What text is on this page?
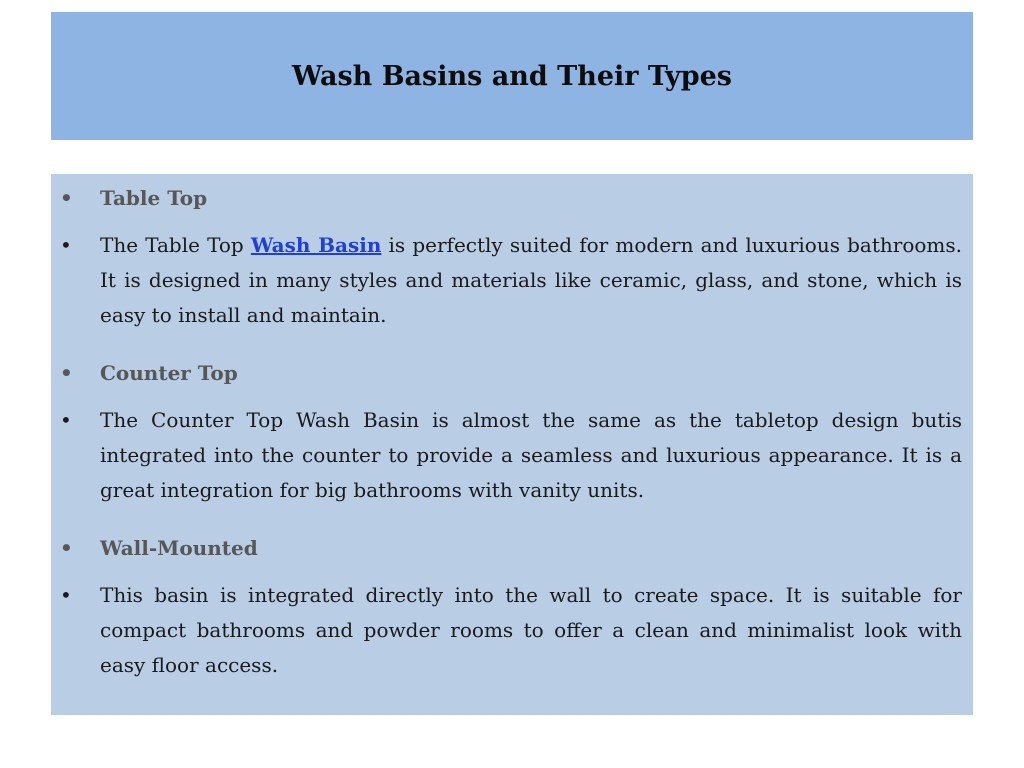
Wash Basins and Their Types
•	Table Top
•	The Table Top Wash Basin is perfectly suited for modern and luxurious bathrooms. It is designed in many styles and materials like ceramic, glass, and stone, which is easy to install and maintain.
•	Counter Top
•	The Counter Top Wash Basin is almost the same as the tabletop design butis integrated into the counter to provide a seamless and luxurious appearance. It is a great integration for big bathrooms with vanity units.
•	Wall-Mounted
•	This basin is integrated directly into the wall to create space. It is suitable for compact bathrooms and powder rooms to offer a clean and minimalist look with easy floor access.
